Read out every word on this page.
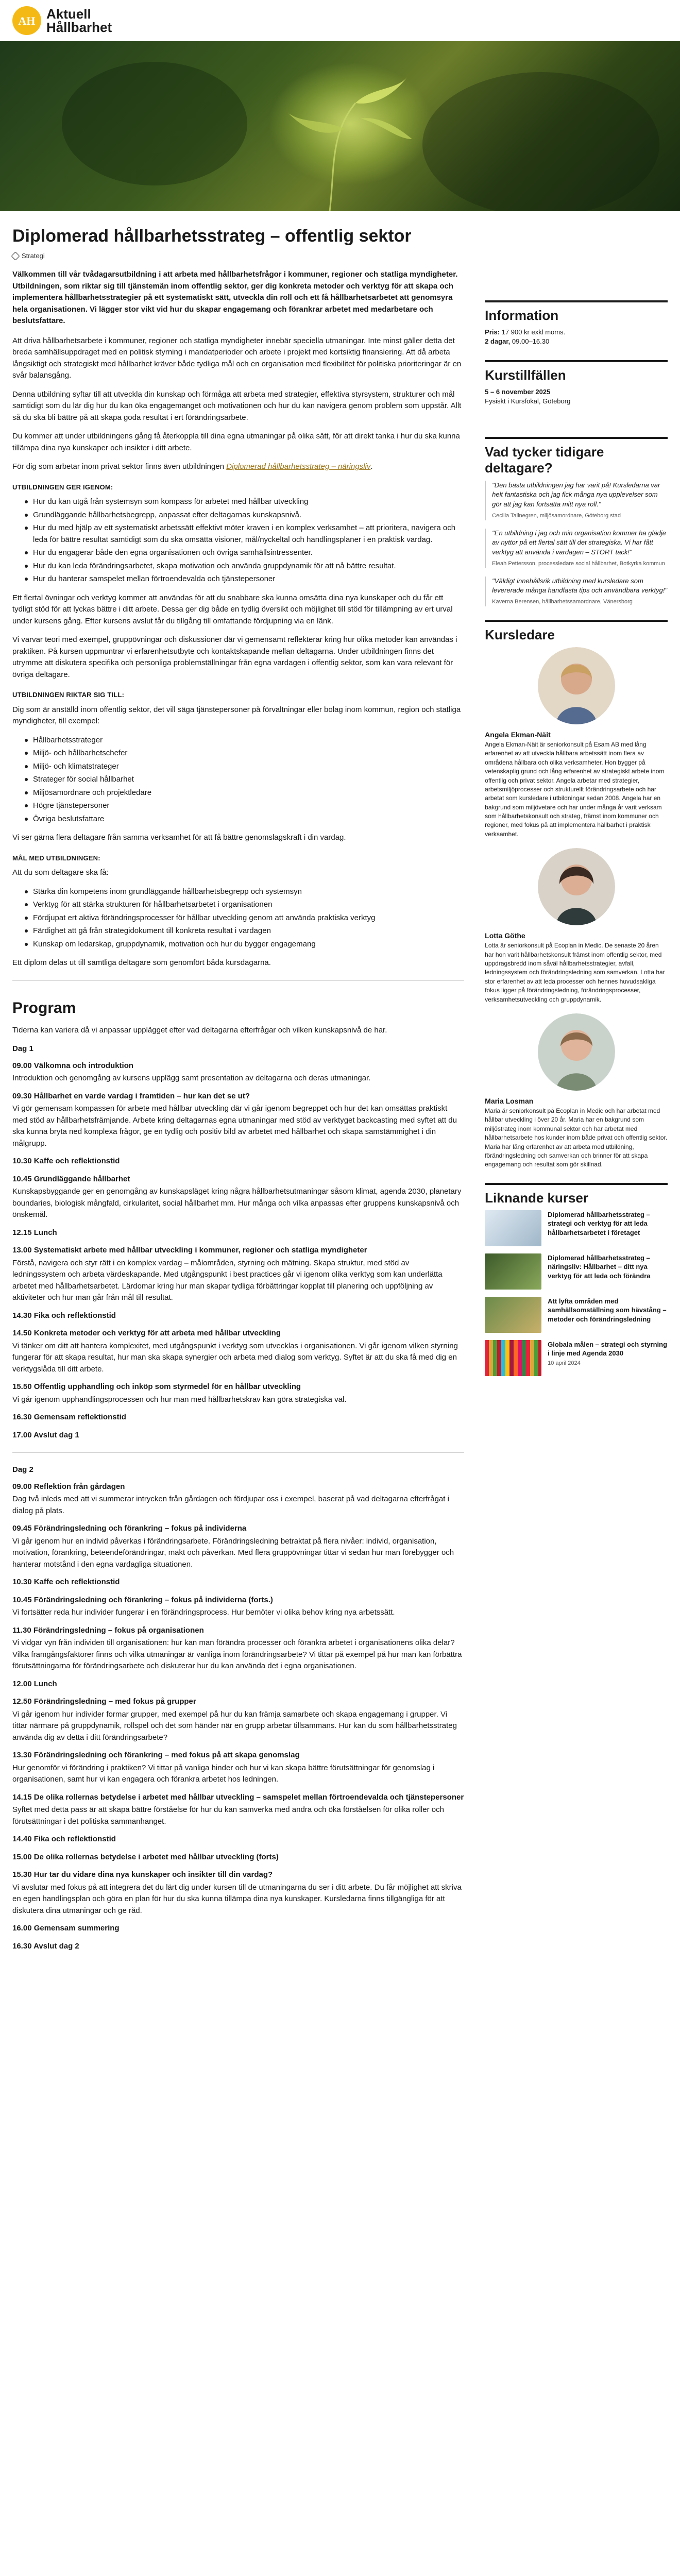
AH Aktuell
Hållbarhet
Diplomerad hållbarhetsstrateg – offentlig sektor
Strategi

Välkommen till vår tvådagarsutbildning i att arbeta med hållbarhetsfrågor i kommuner, regioner och statliga myndigheter. Utbildningen, som riktar sig till tjänstemän inom offentlig sektor, ger dig konkreta metoder och verktyg för att skapa och implementera hållbarhetsstrategier på ett systematiskt sätt, utveckla din roll och ett få hållbarhetsarbetet att genomsyra hela organisationen. Vi lägger stor vikt vid hur du skapar engagemang och förankrar arbetet med medarbetare och beslutsfattare.

Att driva hållbarhetsarbete i kommuner, regioner och statliga myndigheter innebär speciella utmaningar. Inte minst gäller detta det breda samhällsuppdraget med en politisk styrning i mandatperioder och arbete i projekt med kortsiktig finansiering. Att då arbeta långsiktigt och strategiskt med hållbarhet kräver både tydliga mål och en organisation med flexibilitet för politiska prioriteringar är en svår balansgång.

Denna utbildning syftar till att utveckla din kunskap och förmåga att arbeta med strategier, effektiva styrsystem, strukturer och mål samtidigt som du lär dig hur du kan öka engagemanget och motivationen och hur du kan navigera genom problem som uppstår. Allt så du ska bli bättre på att skapa goda resultat i ert förändringsarbete.

Du kommer att under utbildningens gång få återkoppla till dina egna utmaningar på olika sätt, för att direkt tanka i hur du ska kunna tillämpa dina nya kunskaper och insikter i ditt arbete.

För dig som arbetar inom privat sektor finns även utbildningen Diplomerad hållbarhetsstrateg – näringsliv.

UTBILDNINGEN GER IGENOM:
Hur du kan utgå från systemsyn som kompass för arbetet med hållbar utveckling
Grundläggande hållbarhetsbegrepp, anpassat efter deltagarnas kunskapsnivå.
Hur du med hjälp av ett systematiskt arbetssätt effektivt möter kraven i en komplex verksamhet – att prioritera, navigera och leda för bättre resultat samtidigt som du ska omsätta visioner, mål/nyckeltal och handlingsplaner i en praktisk vardag.
Hur du engagerar både den egna organisationen och övriga samhällsintressenter.
Hur du kan leda förändringsarbetet, skapa motivation och använda gruppdynamik för att nå bättre resultat.
Hur du hanterar samspelet mellan förtroendevalda och tjänstepersoner

Ett flertal övningar och verktyg kommer att användas för att du snabbare ska kunna omsätta dina nya kunskaper och du får ett tydligt stöd för att lyckas bättre i ditt arbete. Dessa ger dig både en tydlig översikt och möjlighet till stöd för tillämpning av ert urval under kursens gång. Efter kursens avslut får du tillgång till omfattande fördjupning via en länk.

Vi varvar teori med exempel, gruppövningar och diskussioner där vi gemensamt reflekterar kring hur olika metoder kan användas i praktiken. På kursen uppmuntrar vi erfarenhetsutbyte och kontaktskapande mellan deltagarna. Under utbildningen finns det utrymme att diskutera specifika och personliga problemställningar från egna vardagen i offentlig sektor, som kan vara relevant för övriga deltagare.

UTBILDNINGEN RIKTAR SIG TILL:

Dig som är anställd inom offentlig sektor, det vill säga tjänstepersoner på förvaltningar eller bolag inom kommun, region och statliga myndigheter, till exempel:

Hållbarhetsstrateger
Miljö- och hållbarhetschefer
Miljö- och klimatstrateger
Strateger för social hållbarhet
Miljösamordnare och projektledare
Högre tjänstepersoner
Övriga beslutsfattare

Vi ser gärna flera deltagare från samma verksamhet för att få bättre genomslagskraft i din vardag.

MÅL MED UTBILDNINGEN:

Att du som deltagare ska få:

Stärka din kompetens inom grundläggande hållbarhetsbegrepp och systemsyn
Verktyg för att stärka strukturen för hållbarhetsarbetet i organisationen
Fördjupat ert aktiva förändringsprocesser för hållbar utveckling genom att använda praktiska verktyg
Färdighet att gå från strategidokument till konkreta resultat i vardagen
Kunskap om ledarskap, gruppdynamik, motivation och hur du bygger engagemang

Ett diplom delas ut till samtliga deltagare som genomfört båda kursdagarna.

Program

Tiderna kan variera då vi anpassar upplägget efter vad deltagarna efterfrågar och vilken kunskapsnivå de har.

Dag 1
09.00 Välkomna och introduktion
Introduktion och genomgång av kursens upplägg samt presentation av deltagarna och deras utmaningar.
09.30 Hållbarhet en varde vardag i framtiden – hur kan det se ut?
Vi gör gemensam kompassen för arbete med hållbar utveckling där vi går igenom begreppet och hur det kan omsättas praktiskt med stöd av hållbarhetsfrämjande. Arbete kring deltagarnas egna utmaningar med stöd av verktyget backcasting med syftet att du ska kunna bryta ned komplexa frågor, ge en tydlig och positiv bild av arbetet med hållbarhet och skapa samstämmighet i din målgrupp.
10.30 Kaffe och reflektionstid
10.45 Grundläggande hållbarhet
Kunskapsbyggande ger en genomgång av kunskapsläget kring några hållbarhetsutmaningar såsom klimat, agenda 2030, planetary boundaries, biologisk mångfald, cirkularitet, social hållbarhet mm. Hur många och vilka anpassas efter gruppens kunskapsnivå och önskemål.
12.15 Lunch
13.00 Systematiskt arbete med hållbar utveckling i kommuner, regioner och statliga myndigheter
Förstå, navigera och styr rätt i en komplex vardag – målområden, styrning och mätning. Skapa struktur, med stöd av ledningssystem och arbeta värdeskapande. Med utgångspunkt i best practices går vi igenom olika verktyg som kan underlätta arbetet med hållbarhetsarbetet. Lärdomar kring hur man skapar tydliga förbättringar kopplat till planering och uppföljning av aktiviteter och hur man går från mål till resultat.
14.30 Fika och reflektionstid
14.50 Konkreta metoder och verktyg för att arbeta med hållbar utveckling
Vi tänker om ditt att hantera komplexitet, med utgångspunkt i verktyg som utvecklas i organisationen. Vi går igenom vilken styrning fungerar för att skapa resultat, hur man ska skapa synergier och arbeta med dialog som verktyg. Syftet är att du ska få med dig en verktygslåda till ditt arbete.
15.50 Offentlig upphandling och inköp som styrmedel för en hållbar utveckling
Vi går igenom upphandlingsprocessen och hur man med hållbarhetskrav kan göra strategiska val.
16.30 Gemensam reflektionstid
17.00 Avslut dag 1
Dag 2
09.00 Reflektion från gårdagen
Dag två inleds med att vi summerar intrycken från gårdagen och fördjupar oss i exempel, baserat på vad deltagarna efterfrågat i dialog på plats.
09.45 Förändringsledning och förankring – fokus på individerna
Vi går igenom hur en individ påverkas i förändringsarbete. Förändringsledning betraktat på flera nivåer: individ, organisation, motivation, förankring, beteendeförändringar, makt och påverkan. Med flera gruppövningar tittar vi sedan hur man förebygger och hanterar motstånd i den egna vardagliga situationen.
10.30 Kaffe och reflektionstid
10.45 Förändringsledning och förankring – fokus på individerna (forts.)
Vi fortsätter reda hur individer fungerar i en förändringsprocess. Hur bemöter vi olika behov kring nya arbetssätt.
11.30 Förändringsledning – fokus på organisationen
Vi vidgar vyn från individen till organisationen: hur kan man förändra processer och förankra arbetet i organisationens olika delar? Vilka framgångsfaktorer finns och vilka utmaningar är vanliga inom förändringsarbete? Vi tittar på exempel på hur man kan förbättra förutsättningarna för förändringsarbete och diskuterar hur du kan använda det i egna organisationen.
12.00 Lunch
12.50 Förändringsledning – med fokus på grupper
Vi går igenom hur individer formar grupper, med exempel på hur du kan främja samarbete och skapa engagemang i grupper. Vi tittar närmare på gruppdynamik, rollspel och det som händer när en grupp arbetar tillsammans. Hur kan du som hållbarhetsstrateg använda dig av detta i ditt förändringsarbete?
13.30 Förändringsledning och förankring – med fokus på att skapa genomslag
Hur genomför vi förändring i praktiken? Vi tittar på vanliga hinder och hur vi kan skapa bättre förutsättningar för genomslag i organisationen, samt hur vi kan engagera och förankra arbetet hos ledningen.
14.15 De olika rollernas betydelse i arbetet med hållbar utveckling – samspelet mellan förtroendevalda och tjänstepersoner
Syftet med detta pass är att skapa bättre förståelse för hur du kan samverka med andra och öka förståelsen för olika roller och förutsättningar i det politiska sammanhanget.
14.40 Fika och reflektionstid
15.00 De olika rollernas betydelse i arbetet med hållbar utveckling (forts)
15.30 Hur tar du vidare dina nya kunskaper och insikter till din vardag?
Vi avslutar med fokus på att integrera det du lärt dig under kursen till de utmaningarna du ser i ditt arbete. Du får möjlighet att skriva en egen handlingsplan och göra en plan för hur du ska kunna tillämpa dina nya kunskaper. Kursledarna finns tillgängliga för att diskutera dina utmaningar och ge råd.
16.00 Gemensam summering
16.30 Avslut dag 2
Information
Pris: 17 900 kr exkl moms.
2 dagar, 09.00–16.30
Kurstillfällen
5 – 6 november 2025
Fysiskt i Kursfokal, Göteborg
Vad tycker tidigare deltagare?
"Den bästa utbildningen jag har varit på! Kursledarna var helt fantastiska och jag fick många nya upplevelser som gör att jag kan fortsätta mitt nya roll."
Cecilia Tallnegren, miljösamordnare, Göteborg stad
"En utbildning i jag och min organisation kommer ha glädje av nyttor på ett flertal sätt till det strategiska. Vi har fått verktyg att använda i vardagen – STORT tack!"
Eleah Pettersson, processledare social hållbarhet, Botkyrka kommun
"Väldigt innehållsrik utbildning med kursledare som levererade många handfasta tips och användbara verktyg!"
Kaverna Berensen, hållbarhetssamordnare, Vänersborg
Kursledare
Angela Ekman-Näit
Angela Ekman-Näit är seniorkonsult på Esam AB med lång erfarenhet av att utveckla hållbara arbetssätt inom flera av områdena hållbara och olika verksamheter. Hon bygger på vetenskaplig grund och lång erfarenhet av strategiskt arbete inom offentlig och privat sektor. Angela arbetar med strategier, arbetsmiljöprocesser och strukturellt förändringsarbete och har arbetat som kursledare i utbildningar sedan 2008. Angela har en bakgrund som miljövetare och har under många år varit verksam som hållbarhetskonsult och strateg, främst inom kommuner och regioner, med fokus på att implementera hållbarhet i praktisk verksamhet.
Lotta Göthe
Lotta är seniorkonsult på Ecoplan in Medic. De senaste 20 åren har hon varit hållbarhetskonsult främst inom offentlig sektor, med uppdragsbredd inom såväl hållbarhetsstrategier, avfall, ledningssystem och förändringsledning som samverkan. Lotta har stor erfarenhet av att leda processer och hennes huvudsakliga fokus ligger på förändringsledning, förändringsprocesser, verksamhetsutveckling och gruppdynamik.
Maria Losman
Maria är seniorkonsult på Ecoplan in Medic och har arbetat med hållbar utveckling i över 20 år. Maria har en bakgrund som miljöstrateg inom kommunal sektor och har arbetat med hållbarhetsarbete hos kunder inom både privat och offentlig sektor. Maria har lång erfarenhet av att arbeta med utbildning, förändringsledning och samverkan och brinner för att skapa engagemang och resultat som gör skillnad.
Liknande kurser
Diplomerad hållbarhetsstrateg – strategi och verktyg för att leda hållbarhetsarbetet i företaget
Diplomerad hållbarhetsstrateg – näringsliv: Hållbarhet – ditt nya verktyg för att leda och förändra
Att lyfta områden med samhällsomställning som hävstång – metoder och förändringsledning
Globala målen – strategi och styrning i linje med Agenda 2030
10 april 2024
